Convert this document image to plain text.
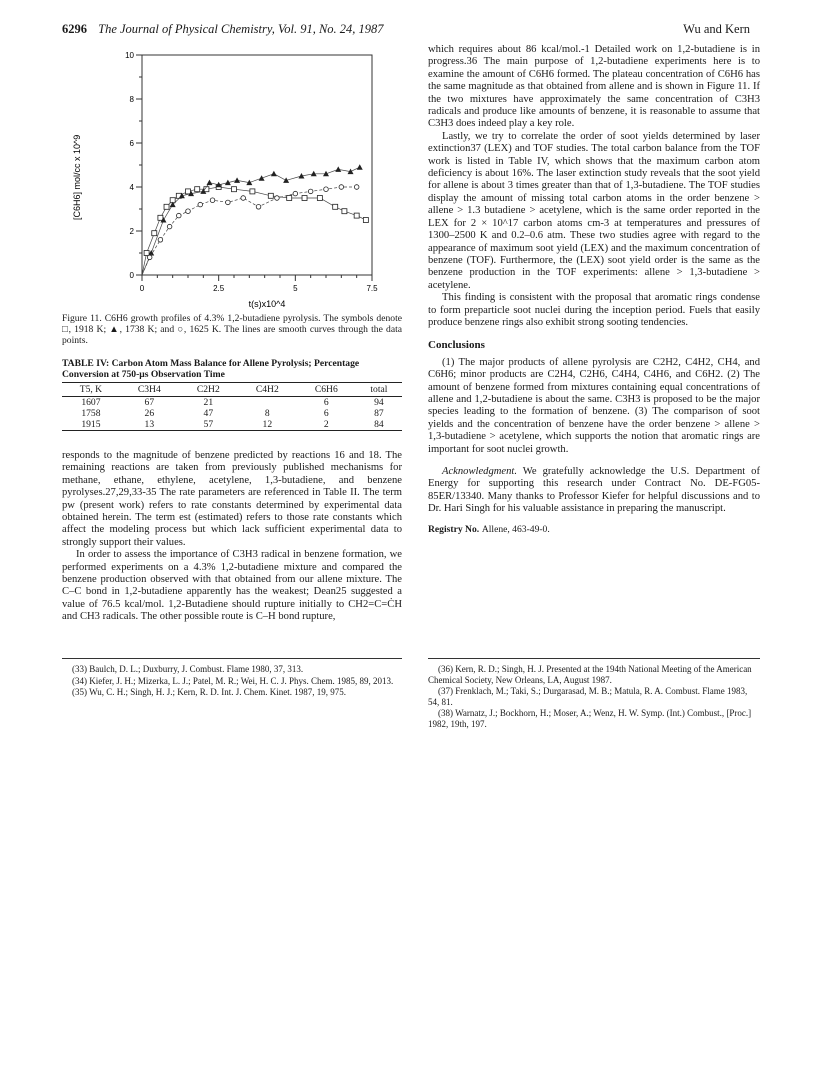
6296 The Journal of Physical Chemistry, Vol. 91, No. 24, 1987	Wu and Kern
[C6H6] mol/cc x 10^9
t(s)x10^4
10
8
6
4
2
0
0	2.5	5	7.5
Figure 11. C6H6 growth profiles of 4.3% 1,2-butadiene pyrolysis. The symbols denote □, 1918 K; ▲, 1738 K; and ○, 1625 K. The lines are smooth curves through the data points.
TABLE IV: Carbon Atom Mass Balance for Allene Pyrolysis; Percentage Conversion at 750-μs Observation Time
T5, K	C3H4	C2H2	C4H2	C6H6	total
1607	67	21		6	94
1758	26	47	8	6	87
1915	13	57	12	2	84

responds to the magnitude of benzene predicted by reactions 16 and 18. The remaining reactions are taken from previously published mechanisms for methane, ethane, ethylene, acetylene, 1,3-butadiene, and benzene pyrolyses.27,29,33-35 The rate parameters are referenced in Table II. The term pw (present work) refers to rate constants determined by experimental data obtained herein. The term est (estimated) refers to those rate constants which affect the modeling process but which lack sufficient experimental data to strongly support their values.

In order to assess the importance of C3H3 radical in benzene formation, we performed experiments on a 4.3% 1,2-butadiene mixture and compared the benzene production observed with that obtained from our allene mixture. The C–C bond in 1,2-butadiene apparently has the weakest; Dean25 suggested a value of 76.5 kcal/mol. 1,2-Butadiene should rupture initially to CH2=C=ĊH and CH3 radicals. The other possible route is C–H bond rupture,

(33) Baulch, D. L.; Duxburry, J. Combust. Flame 1980, 37, 313.

(34) Kiefer, J. H.; Mizerka, L. J.; Patel, M. R.; Wei, H. C. J. Phys. Chem. 1985, 89, 2013.

(35) Wu, C. H.; Singh, H. J.; Kern, R. D. Int. J. Chem. Kinet. 1987, 19, 975.

which requires about 86 kcal/mol.-1 Detailed work on 1,2-butadiene is in progress.36 The main purpose of 1,2-butadiene experiments here is to examine the amount of C6H6 formed. The plateau concentration of C6H6 has the same magnitude as that obtained from allene and is shown in Figure 11. If the two mixtures have approximately the same concentration of C3H3 radicals and produce like amounts of benzene, it is reasonable to assume that C3H3 does indeed play a key role.

Lastly, we try to correlate the order of soot yields determined by laser extinction37 (LEX) and TOF studies. The total carbon balance from the TOF work is listed in Table IV, which shows that the maximum carbon atom deficiency is about 16%. The laser extinction study reveals that the soot yield for allene is about 3 times greater than that of 1,3-butadiene. The TOF studies display the amount of missing total carbon atoms in the order benzene > allene > 1.3 butadiene > acetylene, which is the same order reported in the LEX for 2 × 10^17 carbon atoms cm-3 at temperatures and pressures of 1300–2500 K and 0.2–0.6 atm. These two studies agree with regard to the appearance of maximum soot yield (LEX) and the maximum concentration of benzene (TOF). Furthermore, the (LEX) soot yield order is the same as the benzene production in the TOF experiments: allene > 1,3-butadiene > acetylene.

This finding is consistent with the proposal that aromatic rings condense to form preparticle soot nuclei during the inception period. Fuels that easily produce benzene rings also exhibit strong sooting tendencies.

Conclusions

(1) The major products of allene pyrolysis are C2H2, C4H2, CH4, and C6H6; minor products are C2H4, C2H6, C4H4, C4H6, and C6H2. (2) The amount of benzene formed from mixtures containing equal concentrations of allene and 1,2-butadiene is about the same. C3H3 is proposed to be the major species leading to the formation of benzene. (3) The comparison of soot yields and the concentration of benzene have the order benzene > allene > 1,3-butadiene > acetylene, which supports the notion that aromatic rings are important for soot nuclei growth.

Acknowledgment. We gratefully acknowledge the U.S. Department of Energy for supporting this research under Contract No. DE-FG05-85ER/13340. Many thanks to Professor Kiefer for helpful discussions and to Dr. Hari Singh for his valuable assistance in preparing the manuscript.

Registry No. Allene, 463-49-0.

(36) Kern, R. D.; Singh, H. J. Presented at the 194th National Meeting of the American Chemical Society, New Orleans, LA, August 1987.

(37) Frenklach, M.; Taki, S.; Durgarasad, M. B.; Matula, R. A. Combust. Flame 1983, 54, 81.

(38) Warnatz, J.; Bockhorn, H.; Moser, A.; Wenz, H. W. Symp. (Int.) Combust., [Proc.] 1982, 19th, 197.
